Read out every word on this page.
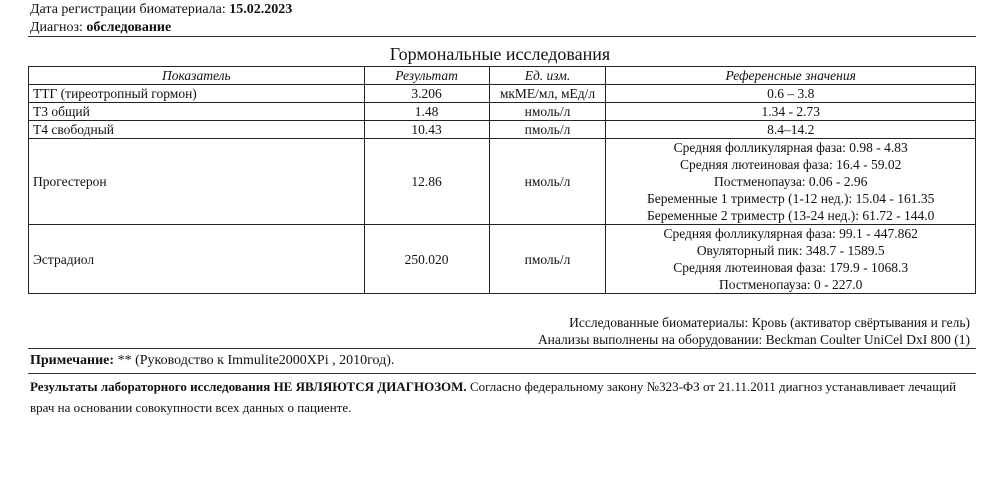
Дата регистрации биоматериала: 15.02.2023
Диагноз: обследование
Гормональные исследования
Показатель	Результат	Ед. изм.	Референсные значения
ТТГ (тиреотропный гормон)	3.206	мкМЕ/мл, мЕд/л	0.6 – 3.8
Т3 общий	1.48	нмоль/л	1.34 - 2.73
Т4 свободный	10.43	пмоль/л	8.4–14.2
Прогестерон	12.86	нмоль/л	Средняя фолликулярная фаза: 0.98 - 4.83
Средняя лютеиновая фаза: 16.4 - 59.02
Постменопауза: 0.06 - 2.96
Беременные 1 триместр (1-12 нед.): 15.04 - 161.35
Беременные 2 триместр (13-24 нед.): 61.72 - 144.0

Эстрадиол	250.020	пмоль/л	Средняя фолликулярная фаза: 99.1 - 447.862
Овуляторный пик: 348.7 - 1589.5
Средняя лютеиновая фаза: 179.9 - 1068.3
Постменопауза: 0 - 227.0
Исследованные биоматериалы: Кровь (активатор свёртывания и гель)
Анализы выполнены на оборудовании: Beckman Coulter UniCel DxI 800 (1)
Примечание: ** (Руководство к Immulite2000XPi , 2010год).
Результаты лабораторного исследования НЕ ЯВЛЯЮТСЯ ДИАГНОЗОМ. Согласно федеральному закону №323-ФЗ от 21.11.2011 диагноз устанавливает лечащий врач на основании совокупности всех данных о пациенте.
